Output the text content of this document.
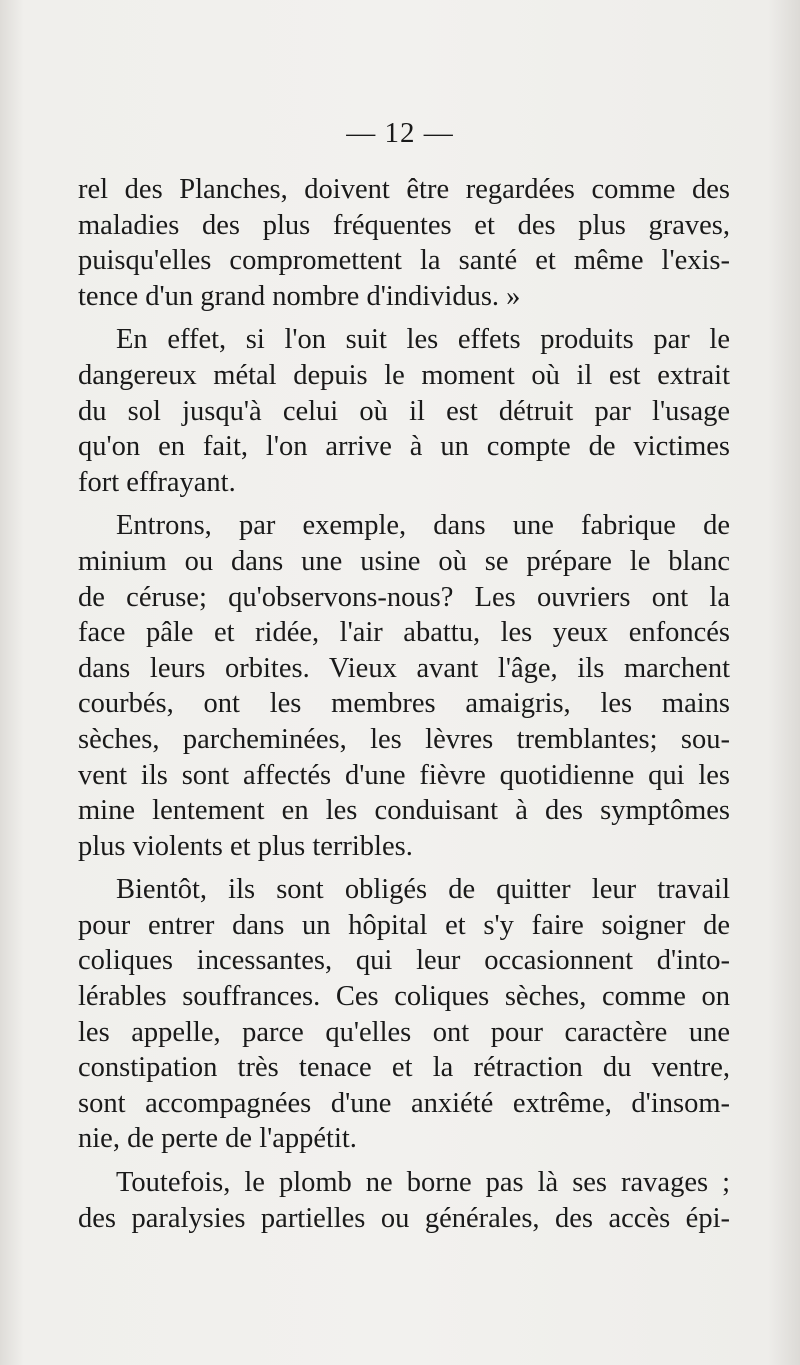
— 12 —

rel des Planches, doivent être regardées comme des
maladies des plus fréquentes et des plus graves,
puisqu'elles compromettent la santé et même l'exis-
tence d'un grand nombre d'individus. »

En effet, si l'on suit les effets produits par le
dangereux métal depuis le moment où il est extrait
du sol jusqu'à celui où il est détruit par l'usage
qu'on en fait, l'on arrive à un compte de victimes
fort effrayant.

Entrons, par exemple, dans une fabrique de
minium ou dans une usine où se prépare le blanc
de céruse; qu'observons-nous? Les ouvriers ont la
face pâle et ridée, l'air abattu, les yeux enfoncés
dans leurs orbites. Vieux avant l'âge, ils marchent
courbés, ont les membres amaigris, les mains
sèches, parcheminées, les lèvres tremblantes; sou-
vent ils sont affectés d'une fièvre quotidienne qui les
mine lentement en les conduisant à des symptômes
plus violents et plus terribles.

Bientôt, ils sont obligés de quitter leur travail
pour entrer dans un hôpital et s'y faire soigner de
coliques incessantes, qui leur occasionnent d'into-
lérables souffrances. Ces coliques sèches, comme on
les appelle, parce qu'elles ont pour caractère une
constipation très tenace et la rétraction du ventre,
sont accompagnées d'une anxiété extrême, d'insom-
nie, de perte de l'appétit.

Toutefois, le plomb ne borne pas là ses ravages ;
des paralysies partielles ou générales, des accès épi-
